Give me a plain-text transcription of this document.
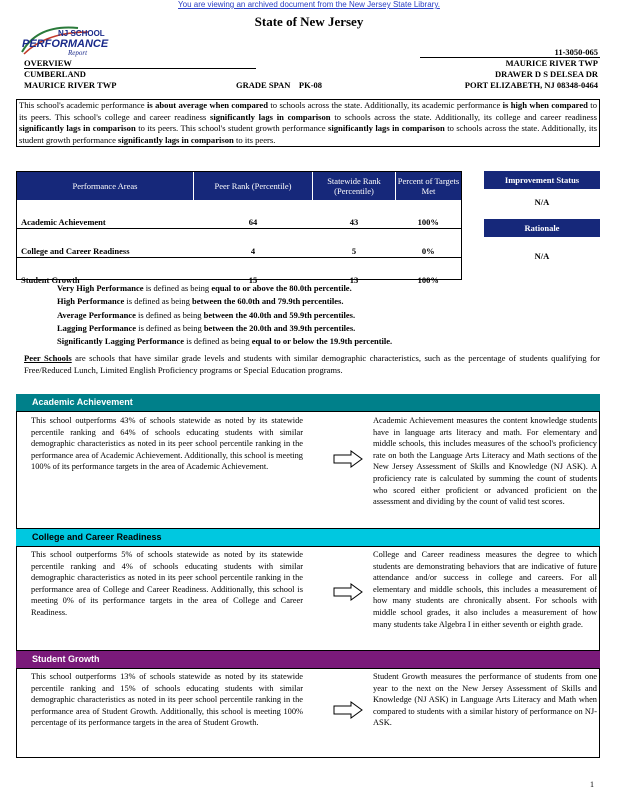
You are viewing an archived document from the New Jersey State Library.
State of New Jersey
NJ SCHOOL
PERFORMANCE
Report
OVERVIEW
CUMBERLAND
MAURICE RIVER TWP	GRADE SPAN PK-08
11-3050-065
MAURICE RIVER TWP
DRAWER D S DELSEA DR
PORT ELIZABETH, NJ 08348-0464
This school's academic performance is about average when compared to schools across the state. Additionally, its academic performance is high when compared to its peers. This school's college and career readiness significantly lags in comparison to schools across the state. Additionally, its college and career readiness significantly lags in comparison to its peers. This school's student growth performance significantly lags in comparison to schools across the state. Additionally, its student growth performance significantly lags in comparison to its peers.
Performance Areas	Peer Rank (Percentile)	Statewide Rank (Percentile)	Percent of Targets Met
Academic Achievement	64	43	100%
College and Career Readiness	4	5	0%
Student Growth	15	13	100%
Improvement Status
N/A
Rationale
N/A
Very High Performance is defined as being equal to or above the 80.0th percentile.
High Performance is defined as being between the 60.0th and 79.9th percentiles.
Average Performance is defined as being between the 40.0th and 59.9th percentiles.
Lagging Performance is defined as being between the 20.0th and 39.9th percentiles.
Significantly Lagging Performance is defined as being equal to or below the 19.9th percentile.
Peer Schools are schools that have similar grade levels and students with similar demographic characteristics, such as the percentage of students qualifying for Free/Reduced Lunch, Limited English Proficiency programs or Special Education programs.
Academic Achievement
This school outperforms 43% of schools statewide as noted by its statewide percentile ranking and 64% of schools educating students with similar demographic characteristics as noted in its peer school percentile ranking in the performance area of Academic Achievement. Additionally, this school is meeting 100% of its performance targets in the area of Academic Achievement.
Academic Achievement measures the content knowledge students have in language arts literacy and math. For elementary and middle schools, this includes measures of the school's proficiency rate on both the Language Arts Literacy and Math sections of the New Jersey Assessment of Skills and Knowledge (NJ ASK). A proficiency rate is calculated by summing the count of students who scored either proficient or advanced proficient on the assessment and dividing by the count of valid test scores.
College and Career Readiness
This school outperforms 5% of schools statewide as noted by its statewide percentile ranking and 4% of schools educating students with similar demographic characteristics as noted in its peer school percentile ranking in the performance area of College and Career Readiness. Additionally, this school is meeting 0% of its performance targets in the area of College and Career Readiness.
College and Career readiness measures the degree to which students are demonstrating behaviors that are indicative of future attendance and/or success in college and careers. For all elementary and middle schools, this includes a measurement of how many students are chronically absent. For schools with middle school grades, it also includes a measurement of how many students take Algebra I in either seventh or eighth grade.
Student Growth
This school outperforms 13% of schools statewide as noted by its statewide percentile ranking and 15% of schools educating students with similar demographic characteristics as noted in its peer school percentile ranking in the performance area of Student Growth. Additionally, this school is meeting 100% percentage of its performance targets in the area of Student Growth.
Student Growth measures the performance of students from one year to the next on the New Jersey Assessment of Skills and Knowledge (NJ ASK) in Language Arts Literacy and Math when compared to students with a similar history of performance on NJ-ASK.
1
